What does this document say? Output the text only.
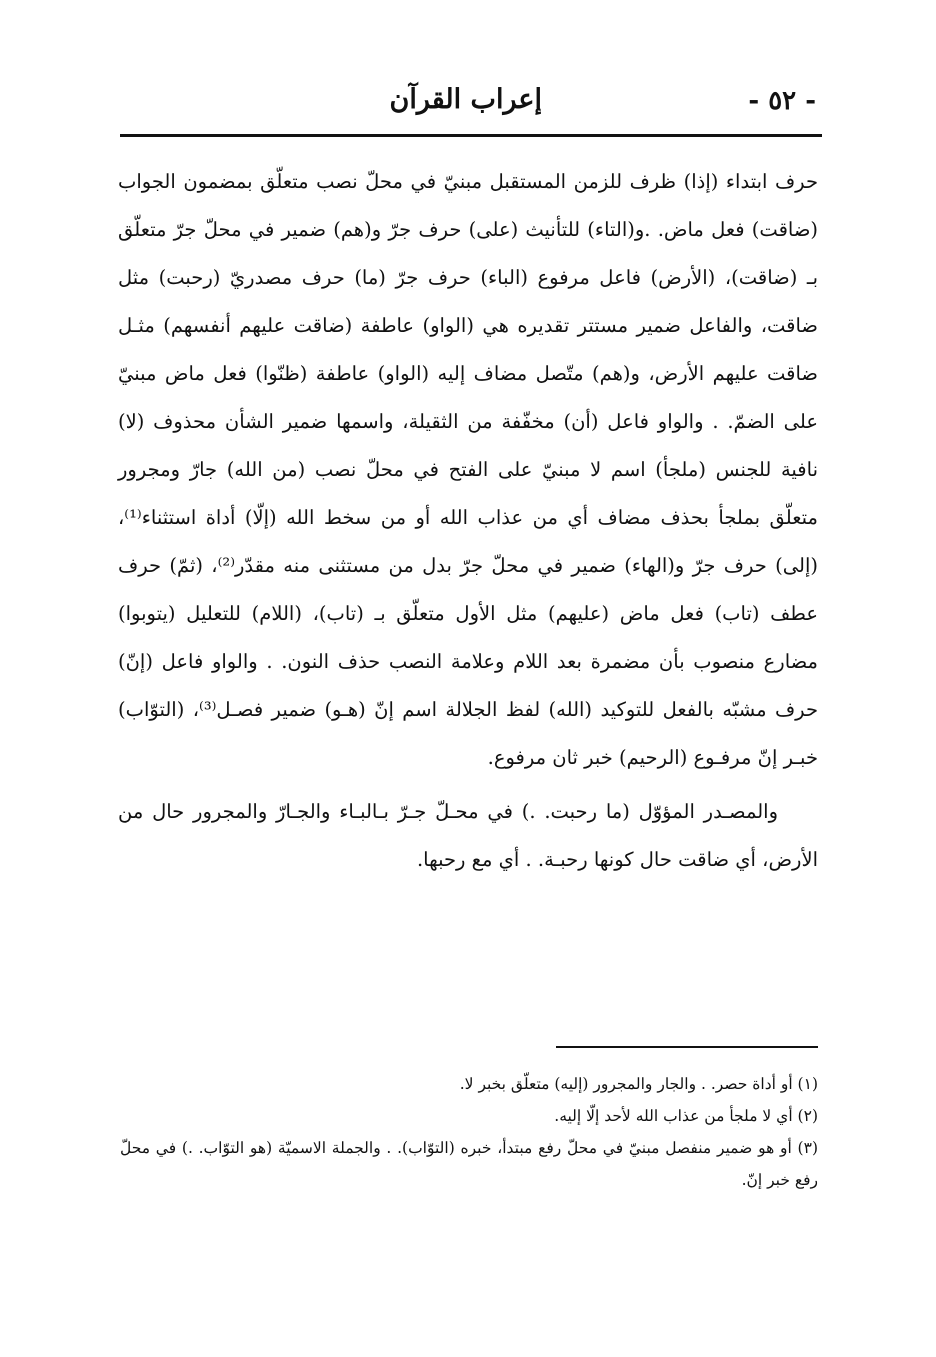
- ٥٢ -
إعراب القرآن

حرف ابتداء (إذا) ظرف للزمن المستقبل مبنيّ في محلّ نصب متعلّق بمضمون الجواب (ضاقت) فعل ماض. .و(التاء) للتأنيث (على) حرف جرّ و(هم) ضمير في محلّ جرّ متعلّق بـ (ضاقت)، (الأرض) فاعل مرفوع (الباء) حرف جرّ (ما) حرف مصدريّ (رحبت) مثل ضاقت، والفاعل ضمير مستتر تقديره هي (الواو) عاطفة (ضاقت عليهم أنفسهم) مثـل ضاقت عليهم الأرض، و(هم) متّصل مضاف إليه (الواو) عاطفة (ظنّوا) فعل ماض مبنيّ على الضمّ. . والواو فاعل (أن) مخفّفة من الثقيلة، واسمها ضمير الشأن محذوف (لا) نافية للجنس (ملجأ) اسم لا مبنيّ على الفتح في محلّ نصب (من الله) جارّ ومجرور متعلّق بملجأ بحذف مضاف أي من عذاب الله أو من سخط الله (إلّا) أداة استثناء⁽¹⁾، (إلى) حرف جرّ و(الهاء) ضمير في محلّ جرّ بدل من مستثنى منه مقدّر⁽²⁾، (ثمّ) حرف عطف (تاب) فعل ماض (عليهم) مثل الأول متعلّق بـ (تاب)، (اللام) للتعليل (يتوبوا) مضارع منصوب بأن مضمرة بعد اللام وعلامة النصب حذف النون. . والواو فاعل (إنّ) حرف مشبّه بالفعل للتوكيد (الله) لفظ الجلالة اسم إنّ (هـو) ضمير فصـل⁽³⁾، (التوّاب) خبـر إنّ مرفـوع (الرحيم) خبر ثان مرفوع.

والمصـدر المؤوّل (ما رحبت. .) في محـلّ جـرّ بـالبـاء والجـارّ والمجرور حال من الأرض، أي ضاقت حال كونها رحبـة. . أي مع رحبها.

(١) أو أداة حصر. . والجار والمجرور (إليه) متعلّق بخبر لا.

(٢) أي لا ملجأ من عذاب الله لأحد إلّا إليه.

(٣) أو هو ضمير منفصل مبنيّ في محلّ رفع مبتدأ، خبره (التوّاب). . والجملة الاسميّة (هو التوّاب. .) في محلّ رفع خبر إنّ.
